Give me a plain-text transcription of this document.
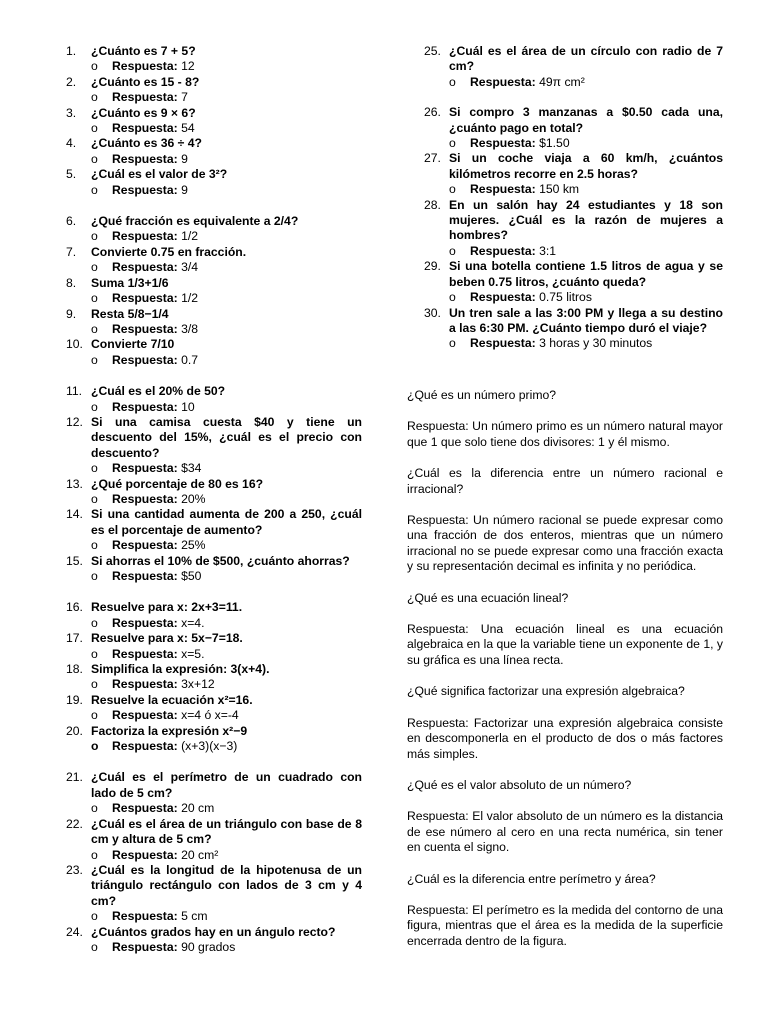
1. ¿Cuánto es 7 + 5?
o Respuesta: 12
2. ¿Cuánto es 15 - 8?
o Respuesta: 7
3. ¿Cuánto es 9 × 6?
o Respuesta: 54
4. ¿Cuánto es 36 ÷ 4?
o Respuesta: 9
5. ¿Cuál es el valor de 3²?
o Respuesta: 9
6. ¿Qué fracción es equivalente a 2/4?
o Respuesta: 1/2
7. Convierte 0.75 en fracción.
o Respuesta: 3/4
8. Suma 1/3+1/6
o Respuesta: 1/2
9. Resta 5/8−1/4
o Respuesta: 3/8
10. Convierte 7/10
o Respuesta: 0.7
11. ¿Cuál es el 20% de 50?
o Respuesta: 10
12. Si una camisa cuesta $40 y tiene un descuento del 15%, ¿cuál es el precio con descuento?
o Respuesta: $34
13. ¿Qué porcentaje de 80 es 16?
o Respuesta: 20%
14. Si una cantidad aumenta de 200 a 250, ¿cuál es el porcentaje de aumento?
o Respuesta: 25%
15. Si ahorras el 10% de $500, ¿cuánto ahorras?
o Respuesta: $50
16. Resuelve para x: 2x+3=11.
o Respuesta: x=4.
17. Resuelve para x: 5x−7=18.
o Respuesta: x=5.
18. Simplifica la expresión: 3(x+4).
o Respuesta: 3x+12
19. Resuelve la ecuación x²=16.
o Respuesta: x=4 ó x=-4
20. Factoriza la expresión x²−9
o Respuesta: (x+3)(x−3)
21. ¿Cuál es el perímetro de un cuadrado con lado de 5 cm?
o Respuesta: 20 cm
22. ¿Cuál es el área de un triángulo con base de 8 cm y altura de 5 cm?
o Respuesta: 20 cm²
23. ¿Cuál es la longitud de la hipotenusa de un triángulo rectángulo con lados de 3 cm y 4 cm?
o Respuesta: 5 cm
24. ¿Cuántos grados hay en un ángulo recto?
o Respuesta: 90 grados
25. ¿Cuál es el área de un círculo con radio de 7 cm?
o Respuesta: 49π cm²
26. Si compro 3 manzanas a $0.50 cada una, ¿cuánto pago en total?
o Respuesta: $1.50
27. Si un coche viaja a 60 km/h, ¿cuántos kilómetros recorre en 2.5 horas?
o Respuesta: 150 km
28. En un salón hay 24 estudiantes y 18 son mujeres. ¿Cuál es la razón de mujeres a hombres?
o Respuesta: 3:1
29. Si una botella contiene 1.5 litros de agua y se beben 0.75 litros, ¿cuánto queda?
o Respuesta: 0.75 litros
30. Un tren sale a las 3:00 PM y llega a su destino a las 6:30 PM. ¿Cuánto tiempo duró el viaje?
o Respuesta: 3 horas y 30 minutos

¿Qué es un número primo?

Respuesta: Un número primo es un número natural mayor que 1 que solo tiene dos divisores: 1 y él mismo.

¿Cuál es la diferencia entre un número racional e irracional?

Respuesta: Un número racional se puede expresar como una fracción de dos enteros, mientras que un número irracional no se puede expresar como una fracción exacta y su representación decimal es infinita y no periódica.

¿Qué es una ecuación lineal?

Respuesta: Una ecuación lineal es una ecuación algebraica en la que la variable tiene un exponente de 1, y su gráfica es una línea recta.

¿Qué significa factorizar una expresión algebraica?

Respuesta: Factorizar una expresión algebraica consiste en descomponerla en el producto de dos o más factores más simples.

¿Qué es el valor absoluto de un número?

Respuesta: El valor absoluto de un número es la distancia de ese número al cero en una recta numérica, sin tener en cuenta el signo.

¿Cuál es la diferencia entre perímetro y área?

Respuesta: El perímetro es la medida del contorno de una figura, mientras que el área es la medida de la superficie encerrada dentro de la figura.
